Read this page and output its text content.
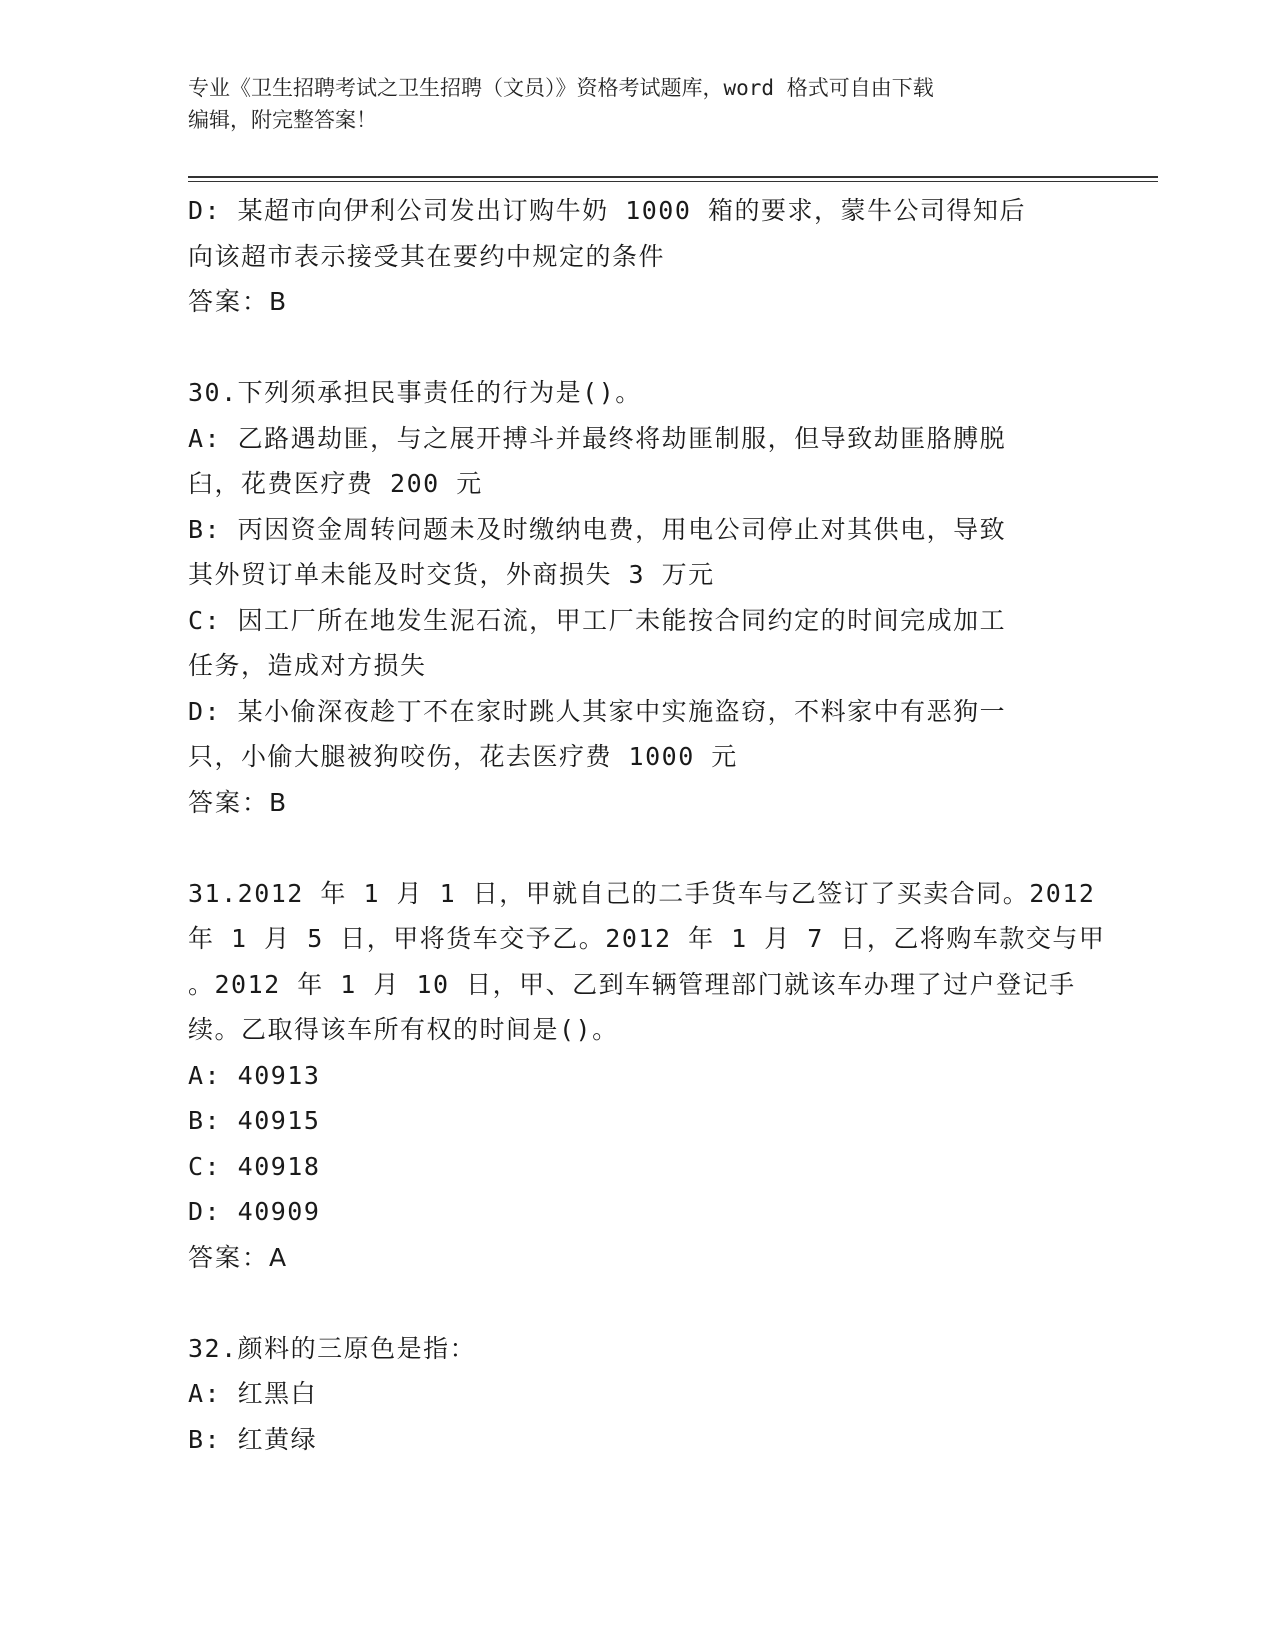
专业《卫生招聘考试之卫生招聘（文员）》资格考试题库，word 格式可自由下载
编辑，附完整答案！
D: 某超市向伊利公司发出订购牛奶 1000 箱的要求，蒙牛公司得知后
向该超市表示接受其在要约中规定的条件
答案：B
30.下列须承担民事责任的行为是()。
A: 乙路遇劫匪，与之展开搏斗并最终将劫匪制服，但导致劫匪胳膊脱
臼，花费医疗费 200 元
B: 丙因资金周转问题未及时缴纳电费，用电公司停止对其供电，导致
其外贸订单未能及时交货，外商损失 3 万元
C: 因工厂所在地发生泥石流，甲工厂未能按合同约定的时间完成加工
任务，造成对方损失
D: 某小偷深夜趁丁不在家时跳人其家中实施盗窃，不料家中有恶狗一
只，小偷大腿被狗咬伤，花去医疗费 1000 元
答案：B
31.2012 年 1 月 1 日，甲就自己的二手货车与乙签订了买卖合同。2012
年 1 月 5 日，甲将货车交予乙。2012 年 1 月 7 日，乙将购车款交与甲
。2012 年 1 月 10 日，甲、乙到车辆管理部门就该车办理了过户登记手
续。乙取得该车所有权的时间是()。
A: 40913
B: 40915
C: 40918
D: 40909
答案：A
32.颜料的三原色是指：
A: 红黑白
B: 红黄绿
